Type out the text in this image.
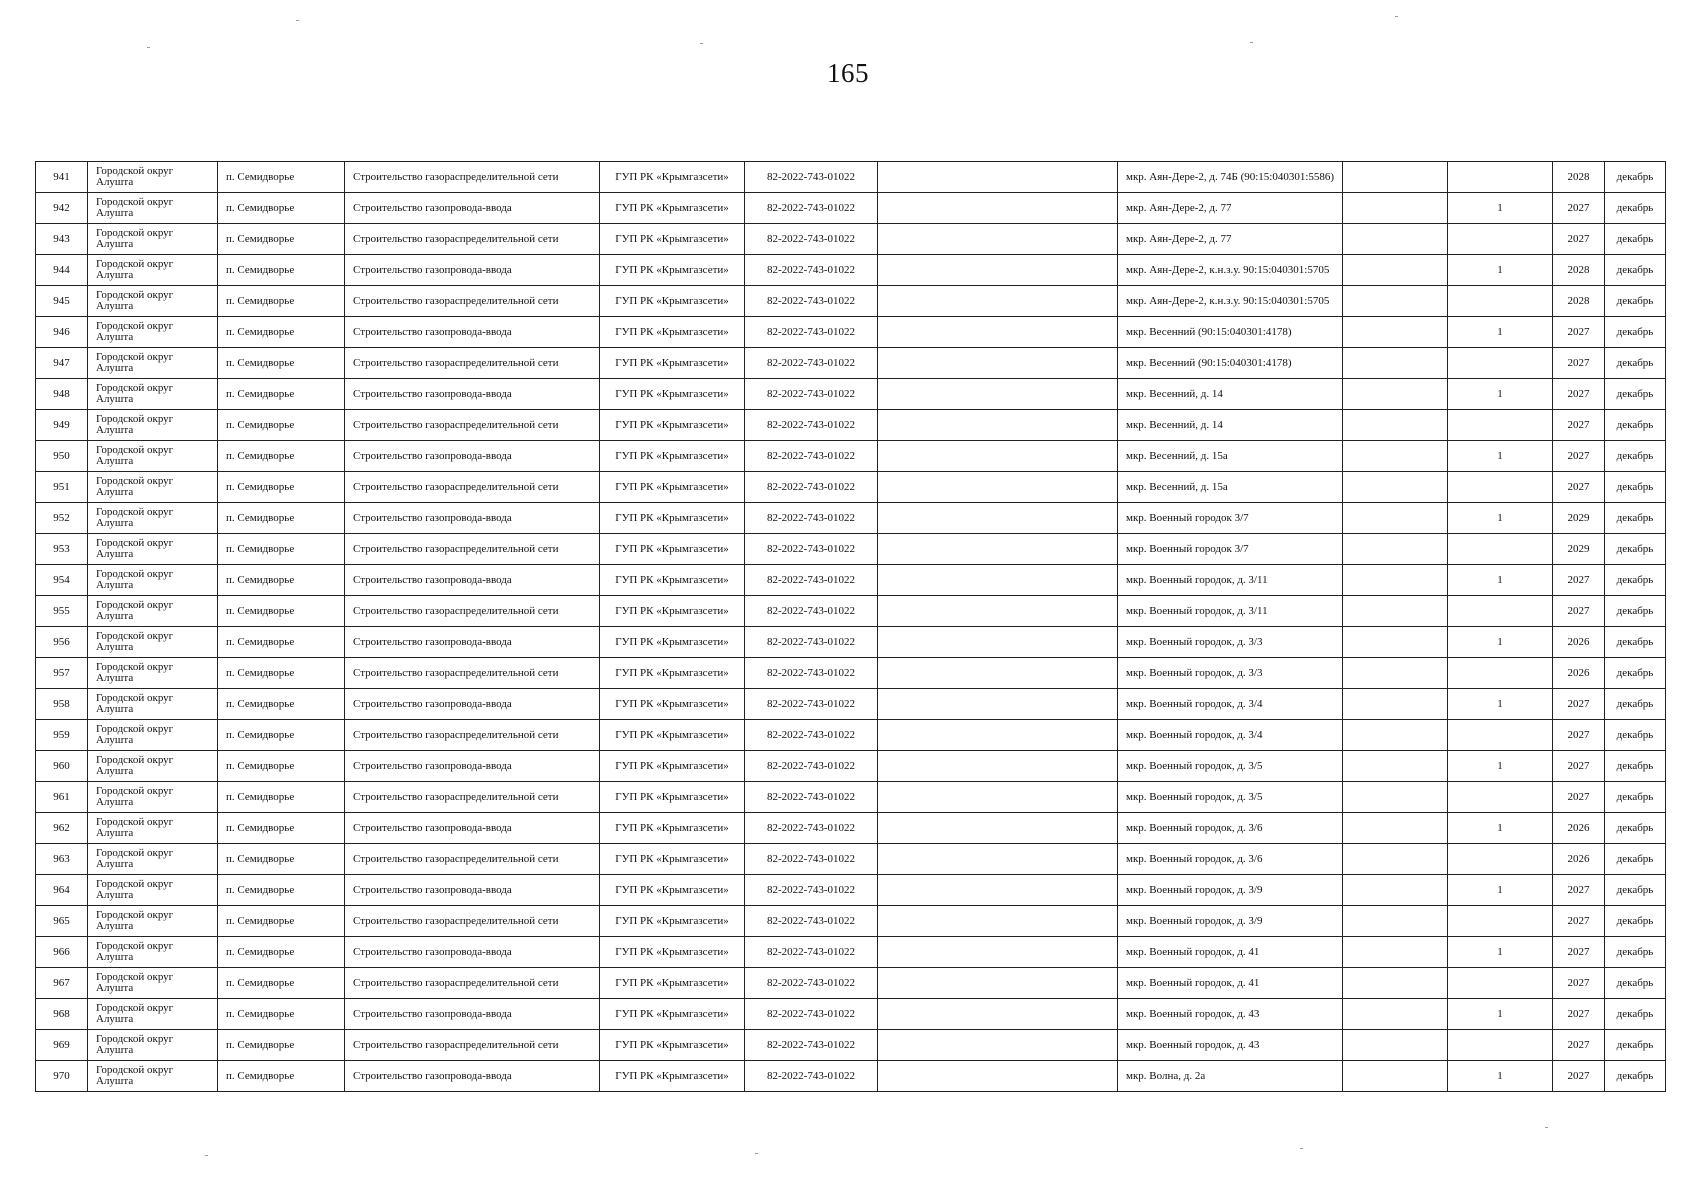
165
941	Городской округ Алушта	п. Семидворье	Строительство газораспределительной сети	ГУП РК «Крымгазсети»	82-2022-743-01022		мкр. Аян-Дере-2, д. 74Б (90:15:040301:5586)			2028	декабрь
942	Городской округ Алушта	п. Семидворье	Строительство газопровода-ввода	ГУП РК «Крымгазсети»	82-2022-743-01022		мкр. Аян-Дере-2, д. 77		1	2027	декабрь
943	Городской округ Алушта	п. Семидворье	Строительство газораспределительной сети	ГУП РК «Крымгазсети»	82-2022-743-01022		мкр. Аян-Дере-2, д. 77			2027	декабрь
944	Городской округ Алушта	п. Семидворье	Строительство газопровода-ввода	ГУП РК «Крымгазсети»	82-2022-743-01022		мкр. Аян-Дере-2, к.н.з.у. 90:15:040301:5705		1	2028	декабрь
945	Городской округ Алушта	п. Семидворье	Строительство газораспределительной сети	ГУП РК «Крымгазсети»	82-2022-743-01022		мкр. Аян-Дере-2, к.н.з.у. 90:15:040301:5705			2028	декабрь
946	Городской округ Алушта	п. Семидворье	Строительство газопровода-ввода	ГУП РК «Крымгазсети»	82-2022-743-01022		мкр. Весенний (90:15:040301:4178)		1	2027	декабрь
947	Городской округ Алушта	п. Семидворье	Строительство газораспределительной сети	ГУП РК «Крымгазсети»	82-2022-743-01022		мкр. Весенний (90:15:040301:4178)			2027	декабрь
948	Городской округ Алушта	п. Семидворье	Строительство газопровода-ввода	ГУП РК «Крымгазсети»	82-2022-743-01022		мкр. Весенний, д. 14		1	2027	декабрь
949	Городской округ Алушта	п. Семидворье	Строительство газораспределительной сети	ГУП РК «Крымгазсети»	82-2022-743-01022		мкр. Весенний, д. 14			2027	декабрь
950	Городской округ Алушта	п. Семидворье	Строительство газопровода-ввода	ГУП РК «Крымгазсети»	82-2022-743-01022		мкр. Весенний, д. 15а		1	2027	декабрь
951	Городской округ Алушта	п. Семидворье	Строительство газораспределительной сети	ГУП РК «Крымгазсети»	82-2022-743-01022		мкр. Весенний, д. 15а			2027	декабрь
952	Городской округ Алушта	п. Семидворье	Строительство газопровода-ввода	ГУП РК «Крымгазсети»	82-2022-743-01022		мкр. Военный городок 3/7		1	2029	декабрь
953	Городской округ Алушта	п. Семидворье	Строительство газораспределительной сети	ГУП РК «Крымгазсети»	82-2022-743-01022		мкр. Военный городок 3/7			2029	декабрь
954	Городской округ Алушта	п. Семидворье	Строительство газопровода-ввода	ГУП РК «Крымгазсети»	82-2022-743-01022		мкр. Военный городок, д. 3/11		1	2027	декабрь
955	Городской округ Алушта	п. Семидворье	Строительство газораспределительной сети	ГУП РК «Крымгазсети»	82-2022-743-01022		мкр. Военный городок, д. 3/11			2027	декабрь
956	Городской округ Алушта	п. Семидворье	Строительство газопровода-ввода	ГУП РК «Крымгазсети»	82-2022-743-01022		мкр. Военный городок, д. 3/3		1	2026	декабрь
957	Городской округ Алушта	п. Семидворье	Строительство газораспределительной сети	ГУП РК «Крымгазсети»	82-2022-743-01022		мкр. Военный городок, д. 3/3			2026	декабрь
958	Городской округ Алушта	п. Семидворье	Строительство газопровода-ввода	ГУП РК «Крымгазсети»	82-2022-743-01022		мкр. Военный городок, д. 3/4		1	2027	декабрь
959	Городской округ Алушта	п. Семидворье	Строительство газораспределительной сети	ГУП РК «Крымгазсети»	82-2022-743-01022		мкр. Военный городок, д. 3/4			2027	декабрь
960	Городской округ Алушта	п. Семидворье	Строительство газопровода-ввода	ГУП РК «Крымгазсети»	82-2022-743-01022		мкр. Военный городок, д. 3/5		1	2027	декабрь
961	Городской округ Алушта	п. Семидворье	Строительство газораспределительной сети	ГУП РК «Крымгазсети»	82-2022-743-01022		мкр. Военный городок, д. 3/5			2027	декабрь
962	Городской округ Алушта	п. Семидворье	Строительство газопровода-ввода	ГУП РК «Крымгазсети»	82-2022-743-01022		мкр. Военный городок, д. 3/6		1	2026	декабрь
963	Городской округ Алушта	п. Семидворье	Строительство газораспределительной сети	ГУП РК «Крымгазсети»	82-2022-743-01022		мкр. Военный городок, д. 3/6			2026	декабрь
964	Городской округ Алушта	п. Семидворье	Строительство газопровода-ввода	ГУП РК «Крымгазсети»	82-2022-743-01022		мкр. Военный городок, д. 3/9		1	2027	декабрь
965	Городской округ Алушта	п. Семидворье	Строительство газораспределительной сети	ГУП РК «Крымгазсети»	82-2022-743-01022		мкр. Военный городок, д. 3/9			2027	декабрь
966	Городской округ Алушта	п. Семидворье	Строительство газопровода-ввода	ГУП РК «Крымгазсети»	82-2022-743-01022		мкр. Военный городок, д. 41		1	2027	декабрь
967	Городской округ Алушта	п. Семидворье	Строительство газораспределительной сети	ГУП РК «Крымгазсети»	82-2022-743-01022		мкр. Военный городок, д. 41			2027	декабрь
968	Городской округ Алушта	п. Семидворье	Строительство газопровода-ввода	ГУП РК «Крымгазсети»	82-2022-743-01022		мкр. Военный городок, д. 43		1	2027	декабрь
969	Городской округ Алушта	п. Семидворье	Строительство газораспределительной сети	ГУП РК «Крымгазсети»	82-2022-743-01022		мкр. Военный городок, д. 43			2027	декабрь
970	Городской округ Алушта	п. Семидворье	Строительство газопровода-ввода	ГУП РК «Крымгазсети»	82-2022-743-01022		мкр. Волна, д. 2а		1	2027	декабрь
